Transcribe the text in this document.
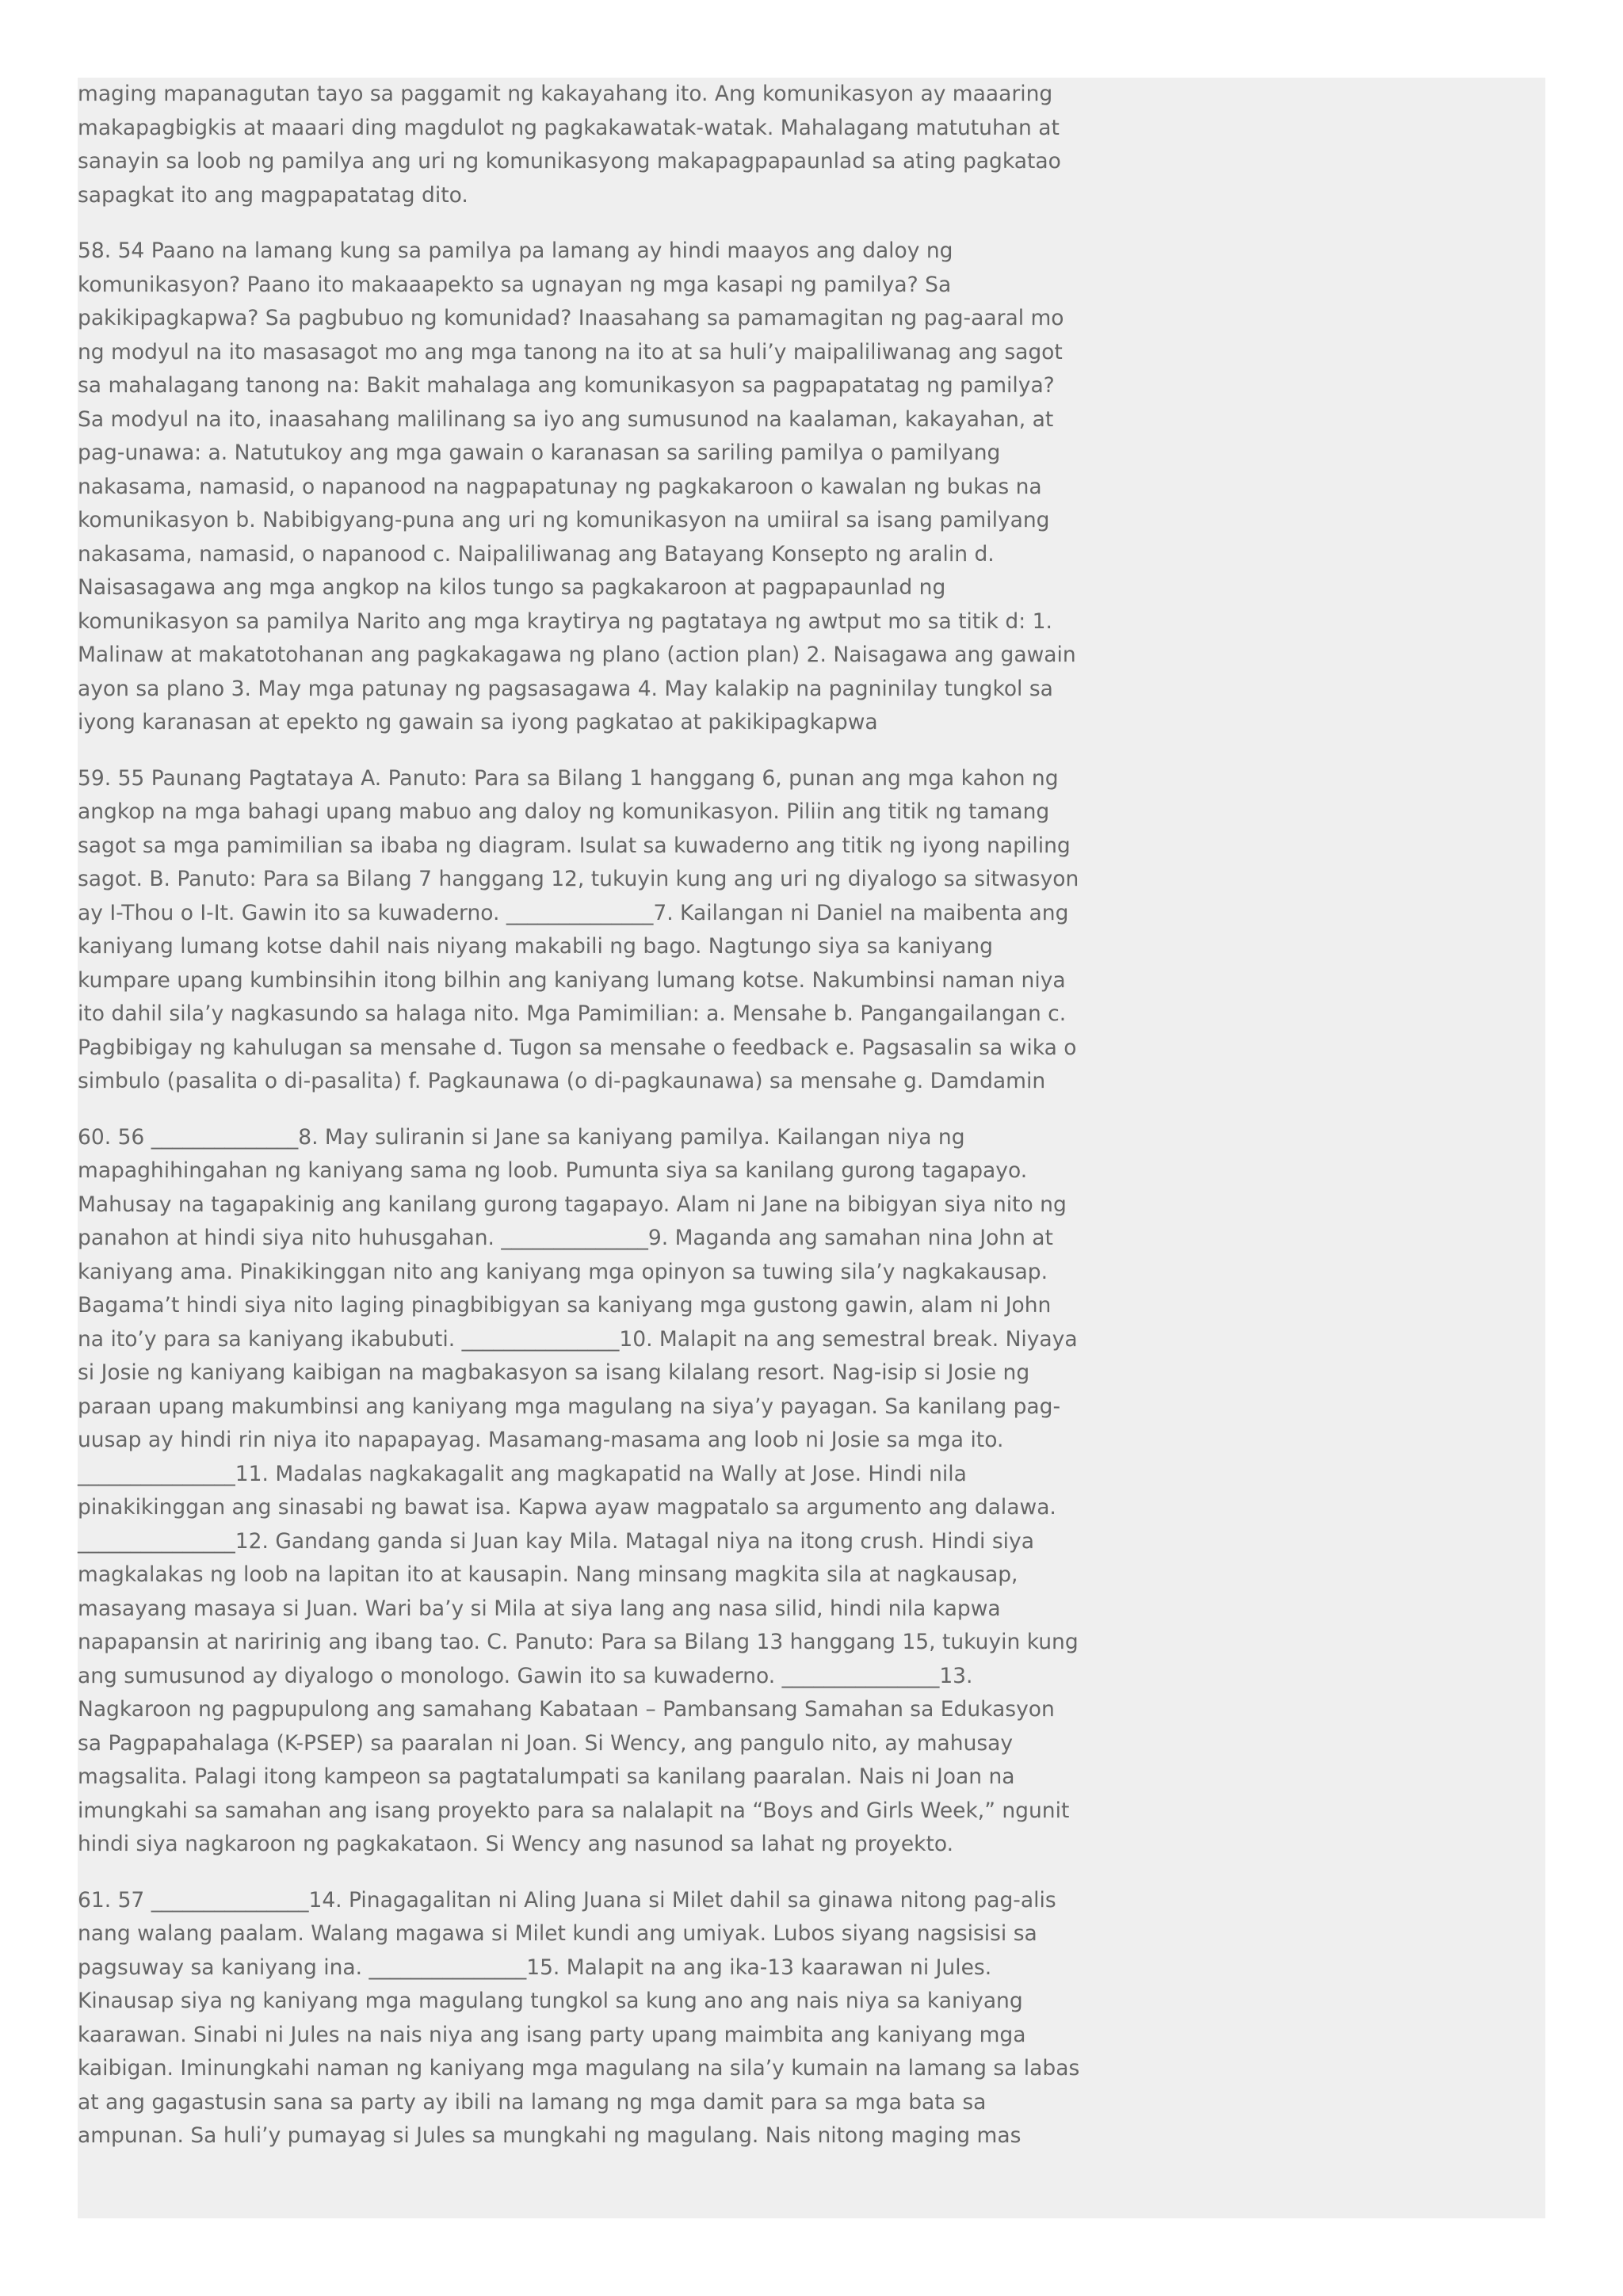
maging mapanagutan tayo sa paggamit ng kakayahang ito. Ang komunikasyon ay maaaring makapagbigkis at maaari ding magdulot ng pagkakawatak-watak. Mahalagang matutuhan at sanayin sa loob ng pamilya ang uri ng komunikasyong makapagpapaunlad sa ating pagkatao sapagkat ito ang magpapatatag dito.

58. 54 Paano na lamang kung sa pamilya pa lamang ay hindi maayos ang daloy ng komunikasyon? Paano ito makaaapekto sa ugnayan ng mga kasapi ng pamilya? Sa pakikipagkapwa? Sa pagbubuo ng komunidad? Inaasahang sa pamamagitan ng pag-aaral mo ng modyul na ito masasagot mo ang mga tanong na ito at sa huli’y maipaliliwanag ang sagot sa mahalagang tanong na: Bakit mahalaga ang komunikasyon sa pagpapatatag ng pamilya? Sa modyul na ito, inaasahang malilinang sa iyo ang sumusunod na kaalaman, kakayahan, at pag-unawa: a. Natutukoy ang mga gawain o karanasan sa sariling pamilya o pamilyang nakasama, namasid, o napanood na nagpapatunay ng pagkakaroon o kawalan ng bukas na komunikasyon b. Nabibigyang-puna ang uri ng komunikasyon na umiiral sa isang pamilyang nakasama, namasid, o napanood c. Naipaliliwanag ang Batayang Konsepto ng aralin d. Naisasagawa ang mga angkop na kilos tungo sa pagkakaroon at pagpapaunlad ng komunikasyon sa pamilya Narito ang mga kraytirya ng pagtataya ng awtput mo sa titik d: 1. Malinaw at makatotohanan ang pagkakagawa ng plano (action plan) 2. Naisagawa ang gawain ayon sa plano 3. May mga patunay ng pagsasagawa 4. May kalakip na pagninilay tungkol sa iyong karanasan at epekto ng gawain sa iyong pagkatao at pakikipagkapwa

59. 55 Paunang Pagtataya A. Panuto: Para sa Bilang 1 hanggang 6, punan ang mga kahon ng angkop na mga bahagi upang mabuo ang daloy ng komunikasyon. Piliin ang titik ng tamang sagot sa mga pamimilian sa ibaba ng diagram. Isulat sa kuwaderno ang titik ng iyong napiling sagot. B. Panuto: Para sa Bilang 7 hanggang 12, tukuyin kung ang uri ng diyalogo sa sitwasyon ay I-Thou o I-It. Gawin ito sa kuwaderno. ______________7. Kailangan ni Daniel na maibenta ang kaniyang lumang kotse dahil nais niyang makabili ng bago. Nagtungo siya sa kaniyang kumpare upang kumbinsihin itong bilhin ang kaniyang lumang kotse. Nakumbinsi naman niya ito dahil sila’y nagkasundo sa halaga nito. Mga Pamimilian: a. Mensahe b. Pangangailangan c. Pagbibigay ng kahulugan sa mensahe d. Tugon sa mensahe o feedback e. Pagsasalin sa wika o simbulo (pasalita o di-pasalita) f. Pagkaunawa (o di-pagkaunawa) sa mensahe g. Damdamin

60. 56 ______________8. May suliranin si Jane sa kaniyang pamilya. Kailangan niya ng mapaghihingahan ng kaniyang sama ng loob. Pumunta siya sa kanilang gurong tagapayo. Mahusay na tagapakinig ang kanilang gurong tagapayo. Alam ni Jane na bibigyan siya nito ng panahon at hindi siya nito huhusgahan. ______________9. Maganda ang samahan nina John at kaniyang ama. Pinakikinggan nito ang kaniyang mga opinyon sa tuwing sila’y nagkakausap. Bagama’t hindi siya nito laging pinagbibigyan sa kaniyang mga gustong gawin, alam ni John na ito’y para sa kaniyang ikabubuti. _______________10. Malapit na ang semestral break. Niyaya si Josie ng kaniyang kaibigan na magbakasyon sa isang kilalang resort. Nag-isip si Josie ng paraan upang makumbinsi ang kaniyang mga magulang na siya’y payagan. Sa kanilang pag-uusap ay hindi rin niya ito napapayag. Masamang-masama ang loob ni Josie sa mga ito. _______________11. Madalas nagkakagalit ang magkapatid na Wally at Jose. Hindi nila pinakikinggan ang sinasabi ng bawat isa. Kapwa ayaw magpatalo sa argumento ang dalawa. _______________12. Gandang ganda si Juan kay Mila. Matagal niya na itong crush. Hindi siya magkalakas ng loob na lapitan ito at kausapin. Nang minsang magkita sila at nagkausap, masayang masaya si Juan. Wari ba’y si Mila at siya lang ang nasa silid, hindi nila kapwa napapansin at naririnig ang ibang tao. C. Panuto: Para sa Bilang 13 hanggang 15, tukuyin kung ang sumusunod ay diyalogo o monologo. Gawin ito sa kuwaderno. _______________13. Nagkaroon ng pagpupulong ang samahang Kabataan – Pambansang Samahan sa Edukasyon sa Pagpapahalaga (K-PSEP) sa paaralan ni Joan. Si Wency, ang pangulo nito, ay mahusay magsalita. Palagi itong kampeon sa pagtatalumpati sa kanilang paaralan. Nais ni Joan na imungkahi sa samahan ang isang proyekto para sa nalalapit na “Boys and Girls Week,” ngunit hindi siya nagkaroon ng pagkakataon. Si Wency ang nasunod sa lahat ng proyekto.

61. 57 _______________14. Pinagagalitan ni Aling Juana si Milet dahil sa ginawa nitong pag-alis nang walang paalam. Walang magawa si Milet kundi ang umiyak. Lubos siyang nagsisisi sa pagsuway sa kaniyang ina. _______________15. Malapit na ang ika-13 kaarawan ni Jules. Kinausap siya ng kaniyang mga magulang tungkol sa kung ano ang nais niya sa kaniyang kaarawan. Sinabi ni Jules na nais niya ang isang party upang maimbita ang kaniyang mga kaibigan. Iminungkahi naman ng kaniyang mga magulang na sila’y kumain na lamang sa labas at ang gagastusin sana sa party ay ibili na lamang ng mga damit para sa mga bata sa ampunan. Sa huli’y pumayag si Jules sa mungkahi ng magulang. Nais nitong maging mas
